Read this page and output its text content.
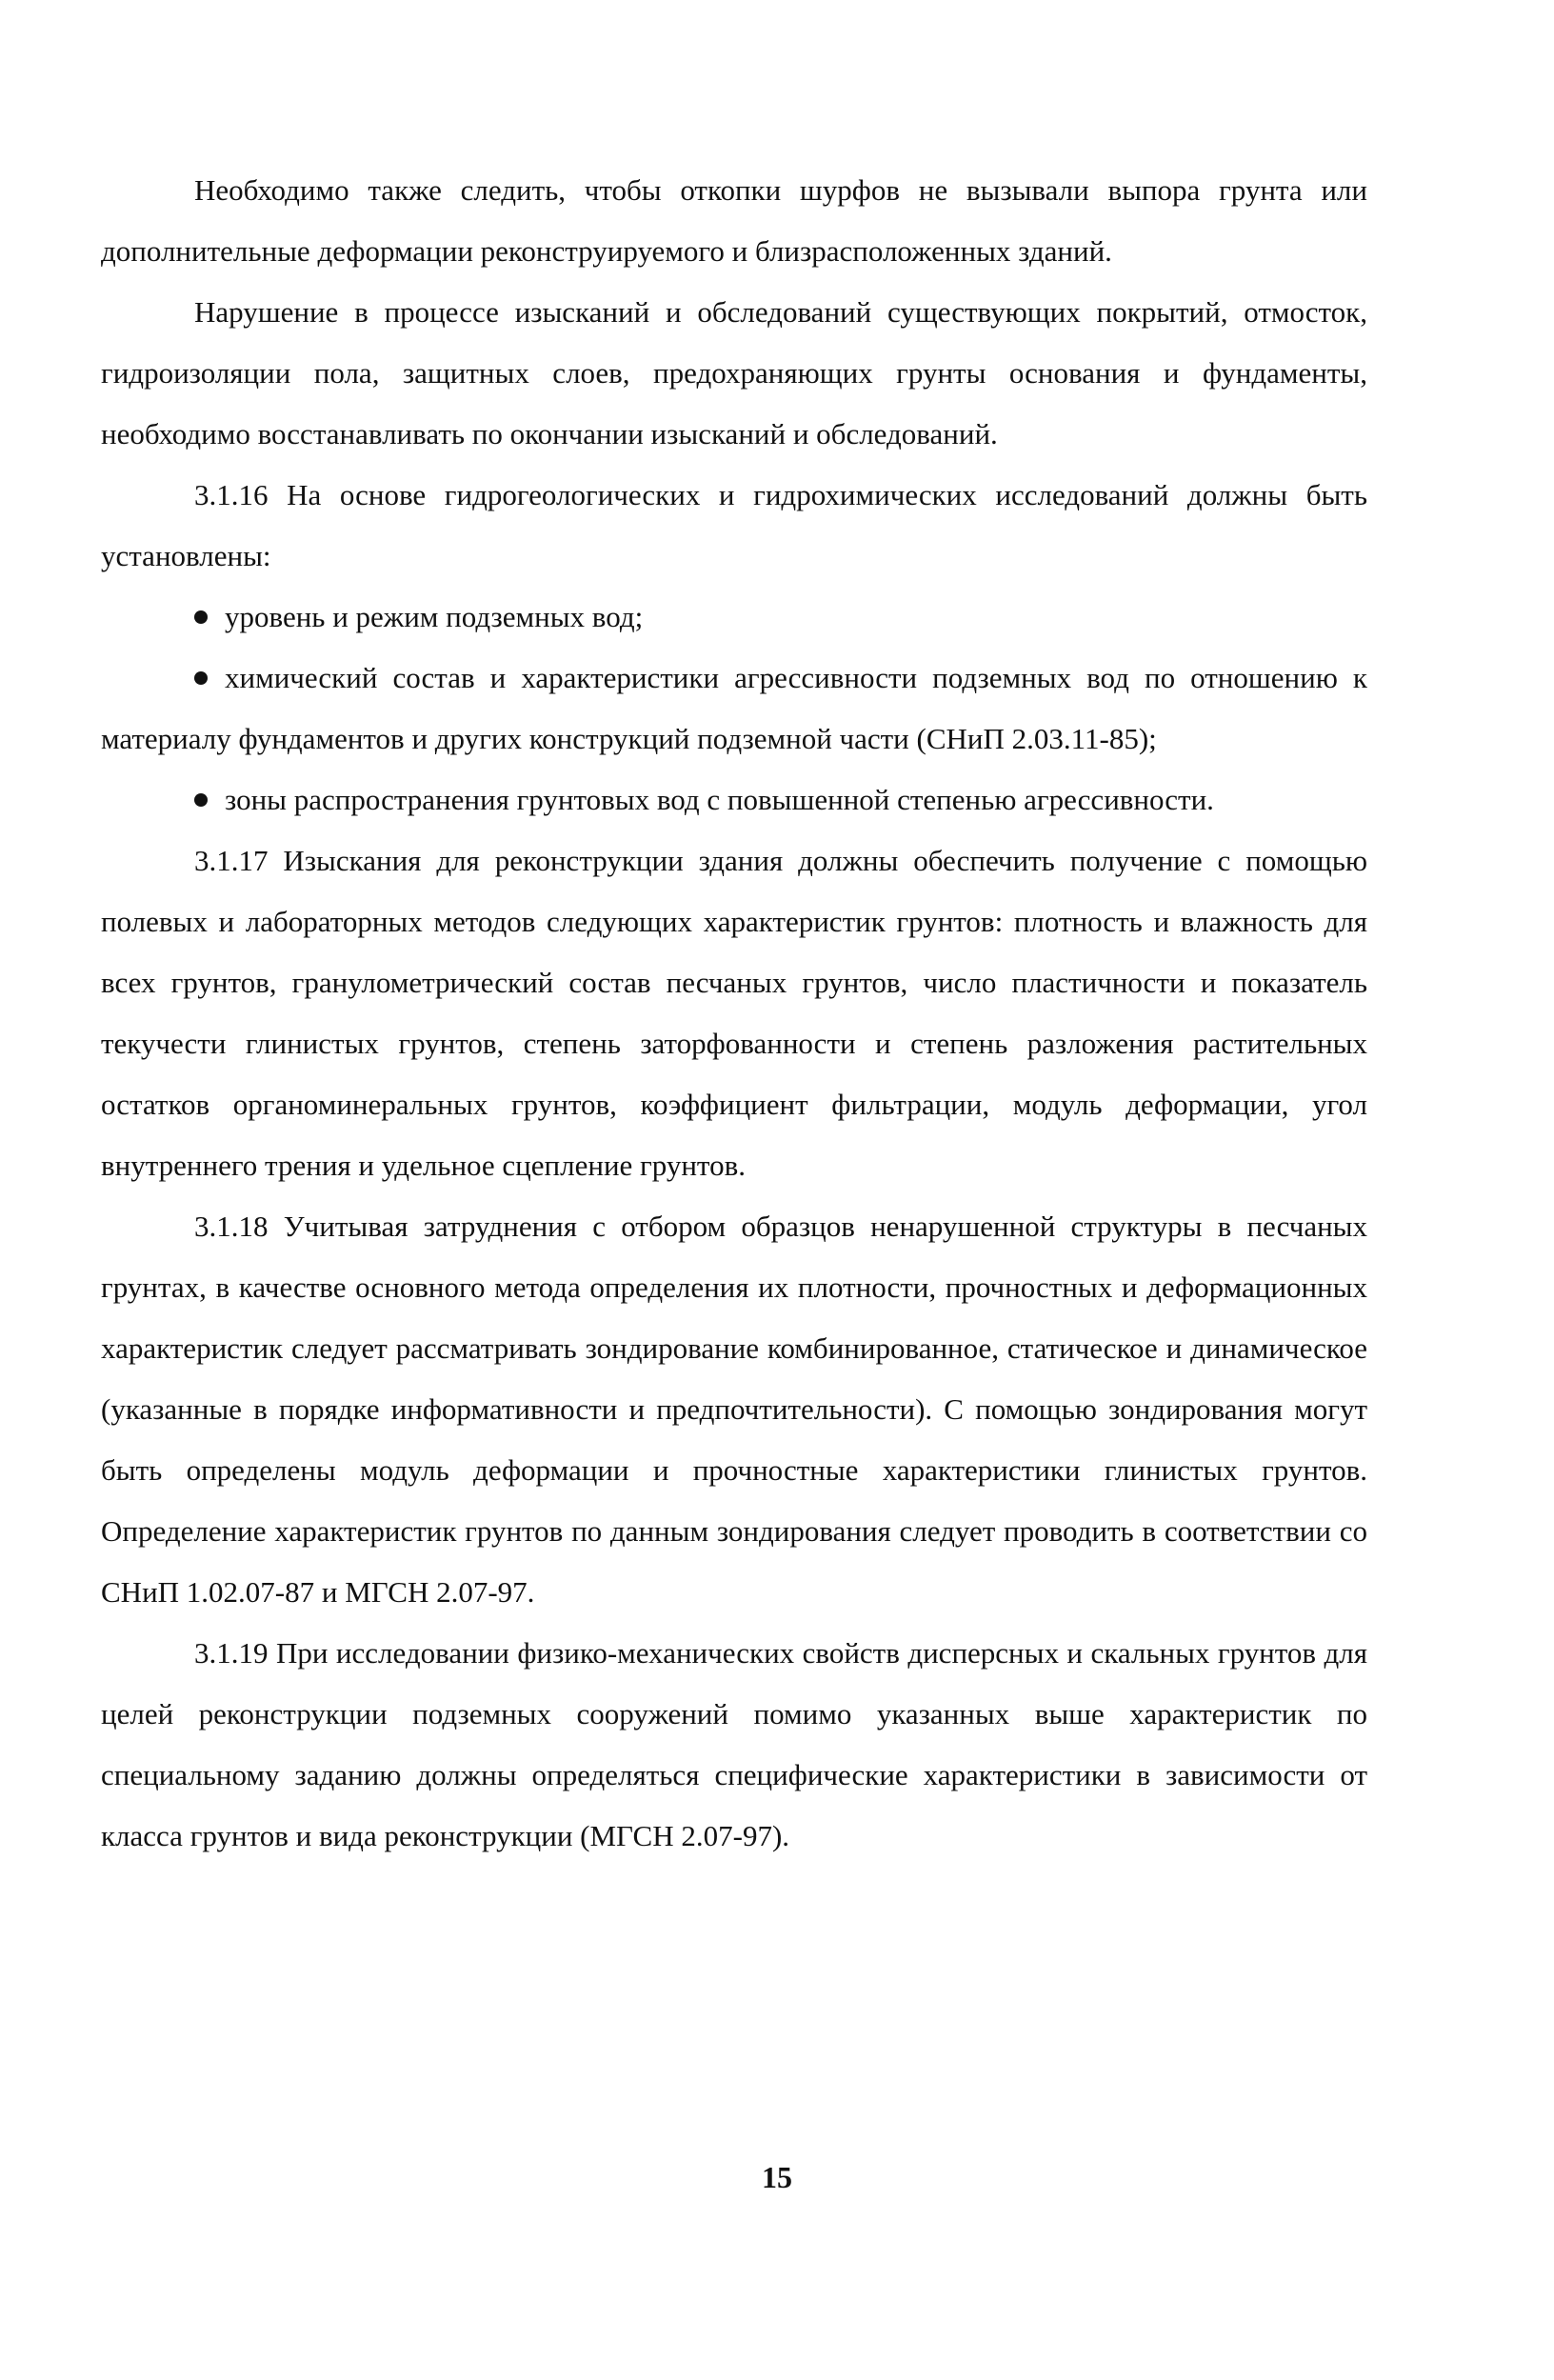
Необходимо также следить, чтобы откопки шурфов не вызывали выпора грунта или дополнительные деформации реконструируемого и близрасположенных зданий.

Нарушение в процессе изысканий и обследований существующих покрытий, отмосток, гидроизоляции пола, защитных слоев, предохраняющих грунты основания и фундаменты, необходимо восстанавливать по окончании изысканий и обследований.

3.1.16 На основе гидрогеологических и гидрохимических исследований должны быть установлены:

уровень и режим подземных вод;

химический состав и характеристики агрессивности подземных вод по отношению к материалу фундаментов и других конструкций подземной части (СНиП 2.03.11-85);

зоны распространения грунтовых вод с повышенной степенью агрессивности.

3.1.17 Изыскания для реконструкции здания должны обеспечить получение с помощью полевых и лабораторных методов следующих характеристик грунтов: плотность и влажность для всех грунтов, гранулометрический состав песчаных грунтов, число пластичности и показатель текучести глинистых грунтов, степень заторфованности и степень разложения растительных остатков органоминеральных грунтов, коэффициент фильтрации, модуль деформации, угол внутреннего трения и удельное сцепление грунтов.

3.1.18 Учитывая затруднения с отбором образцов ненарушенной структуры в песчаных грунтах, в качестве основного метода определения их плотности, прочностных и деформационных характеристик следует рассматривать зондирование комбинированное, статическое и динамическое (указанные в порядке информативности и предпочтительности). С помощью зондирования могут быть определены модуль деформации и прочностные характеристики глинистых грунтов. Определение характеристик грунтов по данным зондирования следует проводить в соответствии со СНиП 1.02.07-87 и МГСН 2.07-97.

3.1.19 При исследовании физико-механических свойств дисперсных и скальных грунтов для целей реконструкции подземных сооружений помимо указанных выше характеристик по специальному заданию должны определяться специфические характеристики в зависимости от класса грунтов и вида реконструкции (МГСН 2.07-97).

15
